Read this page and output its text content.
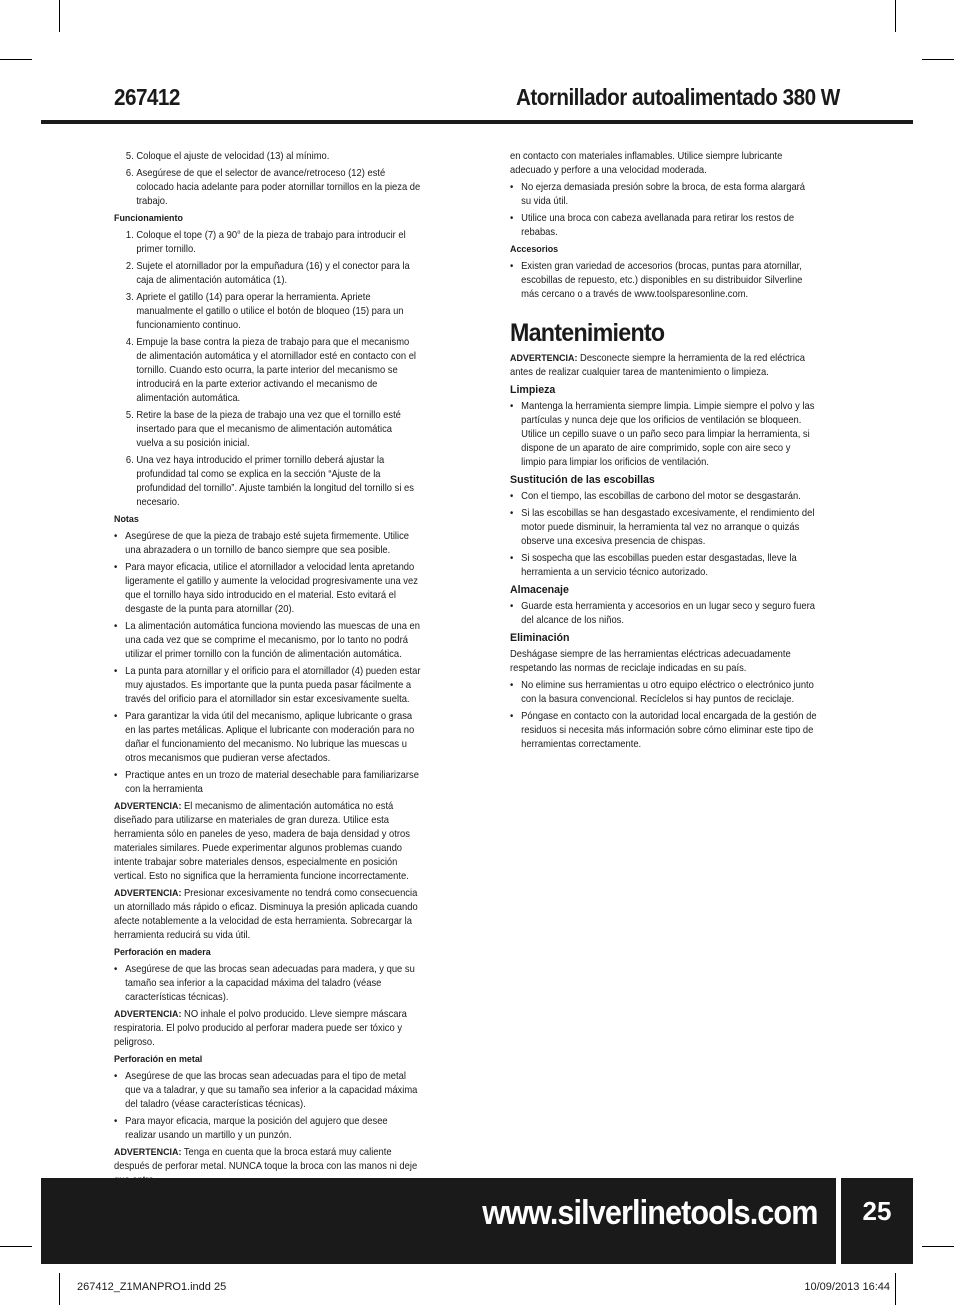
267412	Atornillador autoalimentado 380 W
5. Coloque el ajuste de velocidad (13) al mínimo.
6. Asegúrese de que el selector de avance/retroceso (12) esté colocado hacia adelante para poder atornillar tornillos en la pieza de trabajo.
Funcionamiento
1. Coloque el tope (7) a 90° de la pieza de trabajo para introducir el primer tornillo.
2. Sujete el atornillador por la empuñadura (16) y el conector para la caja de alimentación automática (1).
3. Apriete el gatillo (14) para operar la herramienta. Apriete manualmente el gatillo o utilice el botón de bloqueo (15) para un funcionamiento continuo.
4. Empuje la base contra la pieza de trabajo para que el mecanismo de alimentación automática y el atornillador esté en contacto con el tornillo. Cuando esto ocurra, la parte interior del mecanismo se introducirá en la parte exterior activando el mecanismo de alimentación automática.
5. Retire la base de la pieza de trabajo una vez que el tornillo esté insertado para que el mecanismo de alimentación automática vuelva a su posición inicial.
6. Una vez haya introducido el primer tornillo deberá ajustar la profundidad tal como se explica en la sección “Ajuste de la profundidad del tornillo”. Ajuste también la longitud del tornillo si es necesario.
Notas
• Asegúrese de que la pieza de trabajo esté sujeta firmemente. Utilice una abrazadera o un tornillo de banco siempre que sea posible.
• Para mayor eficacia, utilice el atornillador a velocidad lenta apretando ligeramente el gatillo y aumente la velocidad progresivamente una vez que el tornillo haya sido introducido en el material. Esto evitará el desgaste de la punta para atornillar (20).
• La alimentación automática funciona moviendo las muescas de una en una cada vez que se comprime el mecanismo, por lo tanto no podrá utilizar el primer tornillo con la función de alimentación automática.
• La punta para atornillar y el orificio para el atornillador (4) pueden estar muy ajustados. Es importante que la punta pueda pasar fácilmente a través del orificio para el atornillador sin estar excesivamente suelta.
• Para garantizar la vida útil del mecanismo, aplique lubricante o grasa en las partes metálicas. Aplique el lubricante con moderación para no dañar el funcionamiento del mecanismo. No lubrique las muescas u otros mecanismos que pudieran verse afectados.
• Practique antes en un trozo de material desechable para familiarizarse con la herramienta

ADVERTENCIA: El mecanismo de alimentación automática no está diseñado para utilizarse en materiales de gran dureza. Utilice esta herramienta sólo en paneles de yeso, madera de baja densidad y otros materiales similares. Puede experimentar algunos problemas cuando intente trabajar sobre materiales densos, especialmente en posición vertical. Esto no significa que la herramienta funcione incorrectamente.

ADVERTENCIA: Presionar excesivamente no tendrá como consecuencia un atornillado más rápido o eficaz. Disminuya la presión aplicada cuando afecte notablemente a la velocidad de esta herramienta. Sobrecargar la herramienta reducirá su vida útil.

Perforación en madera
• Asegúrese de que las brocas sean adecuadas para madera, y que su tamaño sea inferior a la capacidad máxima del taladro (véase características técnicas).

ADVERTENCIA: NO inhale el polvo producido. Lleve siempre máscara respiratoria. El polvo producido al perforar madera puede ser tóxico y peligroso.

Perforación en metal
• Asegúrese de que las brocas sean adecuadas para el tipo de metal que va a taladrar, y que su tamaño sea inferior a la capacidad máxima del taladro (véase características técnicas).
• Para mayor eficacia, marque la posición del agujero que desee realizar usando un martillo y un punzón.

ADVERTENCIA: Tenga en cuenta que la broca estará muy caliente después de perforar metal. NUNCA toque la broca con las manos ni deje

en contacto con materiales inflamables. Utilice siempre lubricante adecuado y perfore a una velocidad moderada.

• No ejerza demasiada presión sobre la broca, de esta forma alargará su vida útil.
• Utilice una broca con cabeza avellanada para retirar los restos de rebabas.
Accesorios
• Existen gran variedad de accesorios (brocas, puntas para atornillar, escobillas de repuesto, etc.) disponibles en su distribuidor Silverline más cercano o a través de www.toolsparesonline.com.
Mantenimiento

ADVERTENCIA: Desconecte siempre la herramienta de la red eléctrica antes de realizar cualquier tarea de mantenimiento o limpieza.

Limpieza
• Mantenga la herramienta siempre limpia. Limpie siempre el polvo y las partículas y nunca deje que los orificios de ventilación se bloqueen. Utilice un cepillo suave o un paño seco para limpiar la herramienta, si dispone de un aparato de aire comprimido, sople con aire seco y limpio para limpiar los orificios de ventilación.
Sustitución de las escobillas
• Con el tiempo, las escobillas de carbono del motor se desgastarán.
• Si las escobillas se han desgastado excesivamente, el rendimiento del motor puede disminuir, la herramienta tal vez no arranque o quizás observe una excesiva presencia de chispas.
• Si sospecha que las escobillas pueden estar desgastadas, lleve la herramienta a un servicio técnico autorizado.
Almacenaje
• Guarde esta herramienta y accesorios en un lugar seco y seguro fuera del alcance de los niños.
Eliminación

Deshágase siempre de las herramientas eléctricas adecuadamente respetando las normas de reciclaje indicadas en su país.

• No elimine sus herramientas u otro equipo eléctrico o electrónico junto con la basura convencional. Recíclelos si hay puntos de reciclaje.
• Póngase en contacto con la autoridad local encargada de la gestión de residuos si necesita más información sobre cómo eliminar este tipo de herramientas correctamente.
www.silverlinetools.com	25
267412_Z1MANPRO1.indd 25	10/09/2013 16:44
